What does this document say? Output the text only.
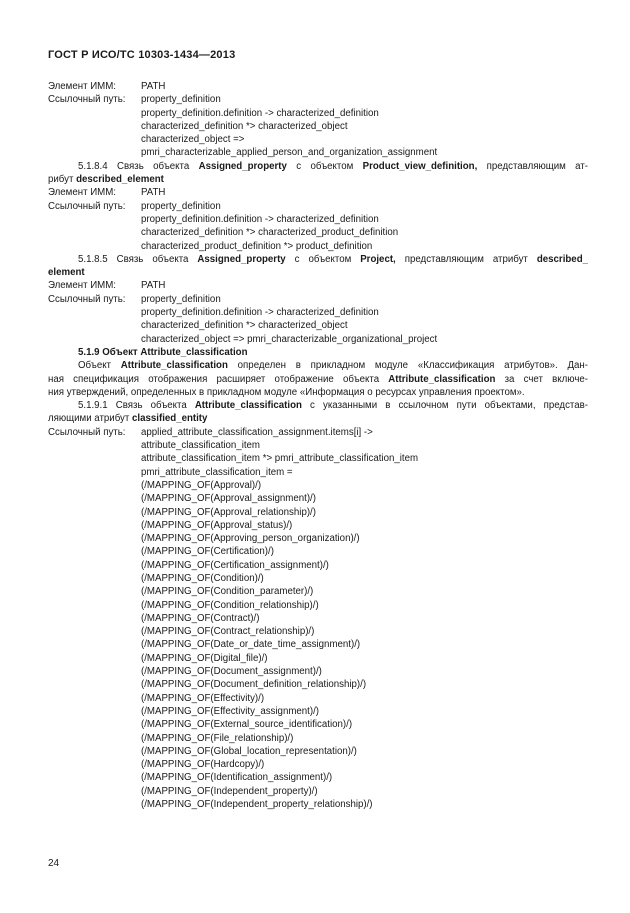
ГОСТ Р ИСО/ТС 10303-1434—2013
Элемент ИММ:	PATH
Ссылочный путь: property_definition
property_definition.definition -> characterized_definition
characterized_definition *> characterized_object
characterized_object =>
pmri_characterizable_applied_person_and_organization_assignment
5.1.8.4 Связь объекта Assigned_property с объектом Product_view_definition, представляющим ат-
рибут described_element
Элемент ИММ:	PATH
Ссылочный путь: property_definition
property_definition.definition -> characterized_definition
characterized_definition *> characterized_product_definition
characterized_product_definition *> product_definition
5.1.8.5 Связь объекта Assigned_property с объектом Project, представляющим атрибут described_
element
Элемент ИММ:	PATH
Ссылочный путь: property_definition
property_definition.definition -> characterized_definition
characterized_definition *> characterized_object
characterized_object => pmri_characterizable_organizational_project
5.1.9 Объект Attribute_classification
Объект Attribute_classification определен в прикладном модуле «Классификация атрибутов». Дан-
ная спецификация отображения расширяет отображение объекта Attribute_classification за счет включе-
ния утверждений, определенных в прикладном модуле «Информация о ресурсах управления проектом».
5.1.9.1 Связь объекта Attribute_classification с указанными в ссылочном пути объектами, представ-
ляющими атрибут classified_entity
Ссылочный путь: applied_attribute_classification_assignment.items[i] ->
attribute_classification_item
attribute_classification_item *> pmri_attribute_classification_item
pmri_attribute_classification_item =
(/MAPPING_OF(Approval)/)
(/MAPPING_OF(Approval_assignment)/)
(/MAPPING_OF(Approval_relationship)/)
(/MAPPING_OF(Approval_status)/)
(/MAPPING_OF(Approving_person_organization)/)
(/MAPPING_OF(Certification)/)
(/MAPPING_OF(Certification_assignment)/)
(/MAPPING_OF(Condition)/)
(/MAPPING_OF(Condition_parameter)/)
(/MAPPING_OF(Condition_relationship)/)
(/MAPPING_OF(Contract)/)
(/MAPPING_OF(Contract_relationship)/)
(/MAPPING_OF(Date_or_date_time_assignment)/)
(/MAPPING_OF(Digital_file)/)
(/MAPPING_OF(Document_assignment)/)
(/MAPPING_OF(Document_definition_relationship)/)
(/MAPPING_OF(Effectivity)/)
(/MAPPING_OF(Effectivity_assignment)/)
(/MAPPING_OF(External_source_identification)/)
(/MAPPING_OF(File_relationship)/)
(/MAPPING_OF(Global_location_representation)/)
(/MAPPING_OF(Hardcopy)/)
(/MAPPING_OF(Identification_assignment)/)
(/MAPPING_OF(Independent_property)/)
(/MAPPING_OF(Independent_property_relationship)/)
24
